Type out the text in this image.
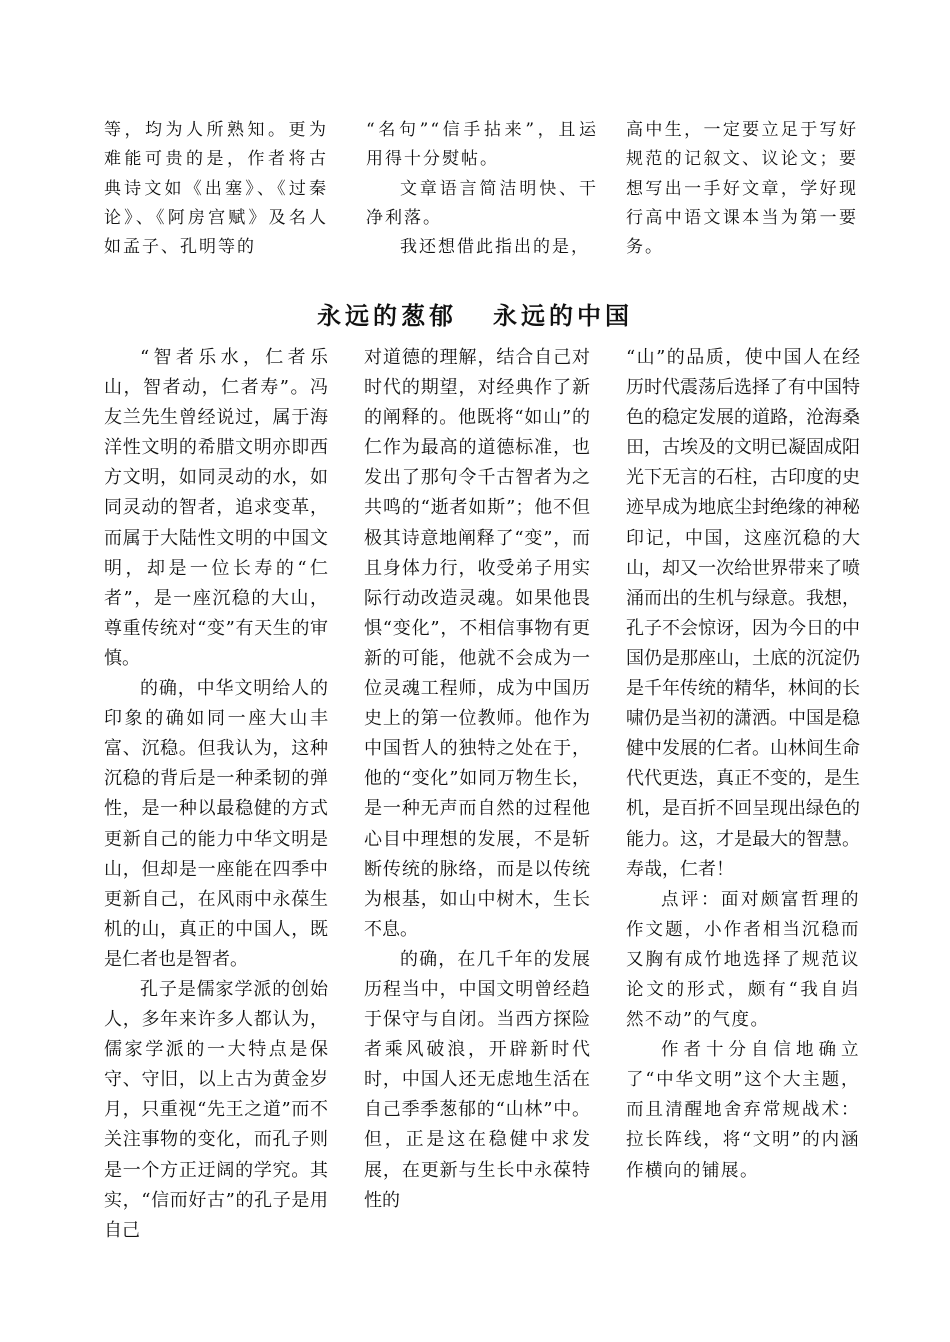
等，均为人所熟知。更为难能可贵的是，作者将古典诗文如《出塞》、《过秦论》、《阿房宫赋》及名人如孟子、孔明等的

“名句”“信手拈来”，且运用得十分熨帖。

文章语言简洁明快、干净利落。

我还想借此指出的是，

高中生，一定要立足于写好规范的记叙文、议论文；要想写出一手好文章，学好现行高中语文课本当为第一要务。

永远的葱郁 永远的中国

“智者乐水，仁者乐山，智者动，仁者寿”。冯友兰先生曾经说过，属于海洋性文明的希腊文明亦即西方文明，如同灵动的水，如同灵动的智者，追求变革，而属于大陆性文明的中国文明，却是一位长寿的“仁者”，是一座沉稳的大山，尊重传统对“变”有天生的审慎。

的确，中华文明给人的印象的确如同一座大山丰富、沉稳。但我认为，这种沉稳的背后是一种柔韧的弹性，是一种以最稳健的方式更新自己的能力中华文明是山，但却是一座能在四季中更新自己，在风雨中永葆生机的山，真正的中国人，既是仁者也是智者。

孔子是儒家学派的创始人，多年来许多人都认为，儒家学派的一大特点是保守、守旧，以上古为黄金岁月，只重视“先王之道”而不关注事物的变化，而孔子则是一个方正迂阔的学究。其实，“信而好古”的孔子是用自己

对道德的理解，结合自己对时代的期望，对经典作了新的阐释的。他既将“如山”的仁作为最高的道德标准，也发出了那句令千古智者为之共鸣的“逝者如斯”；他不但极其诗意地阐释了“变”，而且身体力行，收受弟子用实际行动改造灵魂。如果他畏惧“变化”，不相信事物有更新的可能，他就不会成为一位灵魂工程师，成为中国历史上的第一位教师。他作为中国哲人的独特之处在于，他的“变化”如同万物生长，是一种无声而自然的过程他心目中理想的发展，不是斩断传统的脉络，而是以传统为根基，如山中树木，生长不息。

的确，在几千年的发展历程当中，中国文明曾经趋于保守与自闭。当西方探险者乘风破浪，开辟新时代时，中国人还无虑地生活在自己季季葱郁的“山林”中。但，正是这在稳健中求发展，在更新与生长中永葆特性的

“山”的品质，使中国人在经历时代震荡后选择了有中国特色的稳定发展的道路，沧海桑田，古埃及的文明已凝固成阳光下无言的石柱，古印度的史迹早成为地底尘封绝缘的神秘印记，中国，这座沉稳的大山，却又一次给世界带来了喷涌而出的生机与绿意。我想，孔子不会惊讶，因为今日的中国仍是那座山，土底的沉淀仍是千年传统的精华，林间的长啸仍是当初的潇洒。中国是稳健中发展的仁者。山林间生命代代更迭，真正不变的，是生机，是百折不回呈现出绿色的能力。这，才是最大的智慧。寿哉，仁者！

点评：面对颇富哲理的作文题，小作者相当沉稳而又胸有成竹地选择了规范议论文的形式，颇有“我自岿然不动”的气度。

作者十分自信地确立了“中华文明”这个大主题，而且清醒地舍弃常规战术：拉长阵线，将“文明”的内涵作横向的铺展。
